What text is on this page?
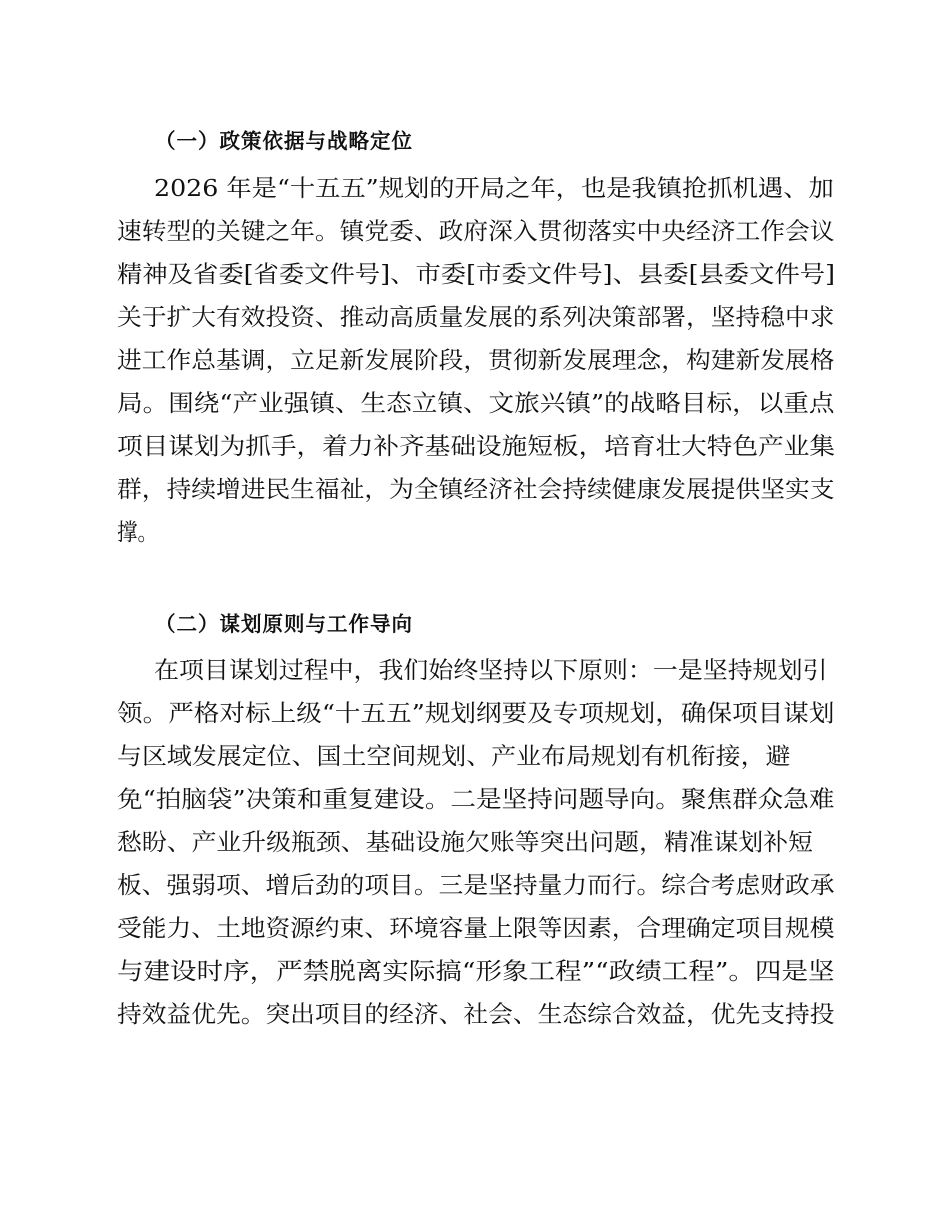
（一）政策依据与战略定位
2026 年是“十五五”规划的开局之年，也是我镇抢抓机遇、加
速转型的关键之年。镇党委、政府深入贯彻落实中央经济工作会议
精神及省委[省委文件号]、市委[市委文件号]、县委[县委文件号]
关于扩大有效投资、推动高质量发展的系列决策部署，坚持稳中求
进工作总基调，立足新发展阶段，贯彻新发展理念，构建新发展格
局。围绕“产业强镇、生态立镇、文旅兴镇”的战略目标，以重点
项目谋划为抓手，着力补齐基础设施短板，培育壮大特色产业集
群，持续增进民生福祉，为全镇经济社会持续健康发展提供坚实支
撑。
（二）谋划原则与工作导向
在项目谋划过程中，我们始终坚持以下原则：一是坚持规划引
领。严格对标上级“十五五”规划纲要及专项规划，确保项目谋划
与区域发展定位、国土空间规划、产业布局规划有机衔接，避
免“拍脑袋”决策和重复建设。二是坚持问题导向。聚焦群众急难
愁盼、产业升级瓶颈、基础设施欠账等突出问题，精准谋划补短
板、强弱项、增后劲的项目。三是坚持量力而行。综合考虑财政承
受能力、土地资源约束、环境容量上限等因素，合理确定项目规模
与建设时序，严禁脱离实际搞“形象工程”“政绩工程”。四是坚
持效益优先。突出项目的经济、社会、生态综合效益，优先支持投
